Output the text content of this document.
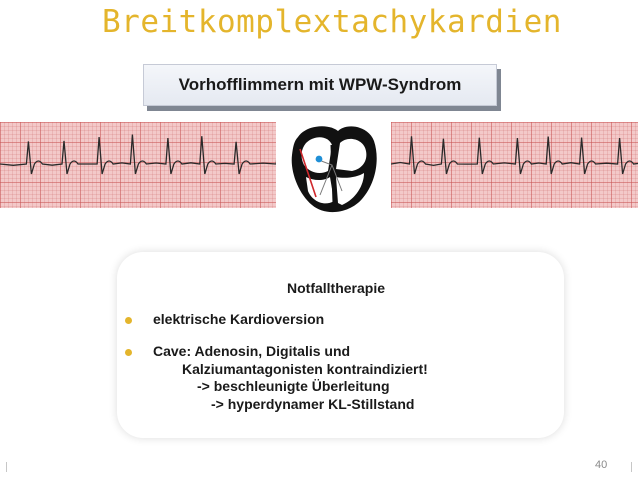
Breitkomplextachykardien
Vorhofflimmern mit WPW-Syndrom
Notfalltherapie
elektrische Kardioversion
Cave: Adenosin, Digitalis und
Kalziumantagonisten kontraindiziert!
-> beschleunigte Überleitung
-> hyperdynamer KL-Stillstand
40
